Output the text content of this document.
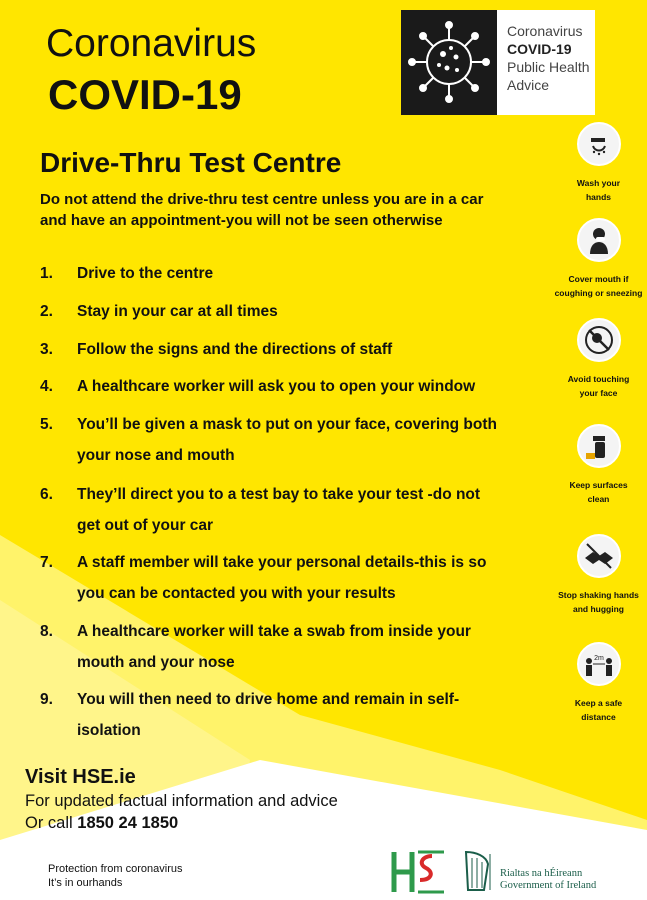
Coronavirus
COVID-19
Coronavirus
COVID-19
Public Health
Advice
Drive-Thru Test Centre
Do not attend the drive-thru test centre unless you are in a car
and have an appointment-you will not be seen otherwise
1.	Drive to the centre
2.	Stay in your car at all times
3.	Follow the signs and the directions of staff
4.	A healthcare worker will ask you to open your window
5.	You’ll be given a mask to put on your face, covering both
your nose and mouth
6.	They’ll direct you to a test bay to take your test -do not
get out of your car
7.	A staff member will take your personal details-this is so
you can be contacted you with your results
8.	A healthcare worker will take a swab from inside your
mouth and your nose
9.	You will then need to drive home and remain in self-
isolation
Wash your
hands
Cover mouth if
coughing or sneezing
Avoid touching
your face
Keep surfaces
clean
Stop shaking hands
and hugging
2m
Keep a safe
distance
Visit HSE.ie
For updated factual information and advice
Or call 1850 24 1850
Protection from coronavirus
It’s in ourhands
Rialtas na hÉireann
Government of Ireland
